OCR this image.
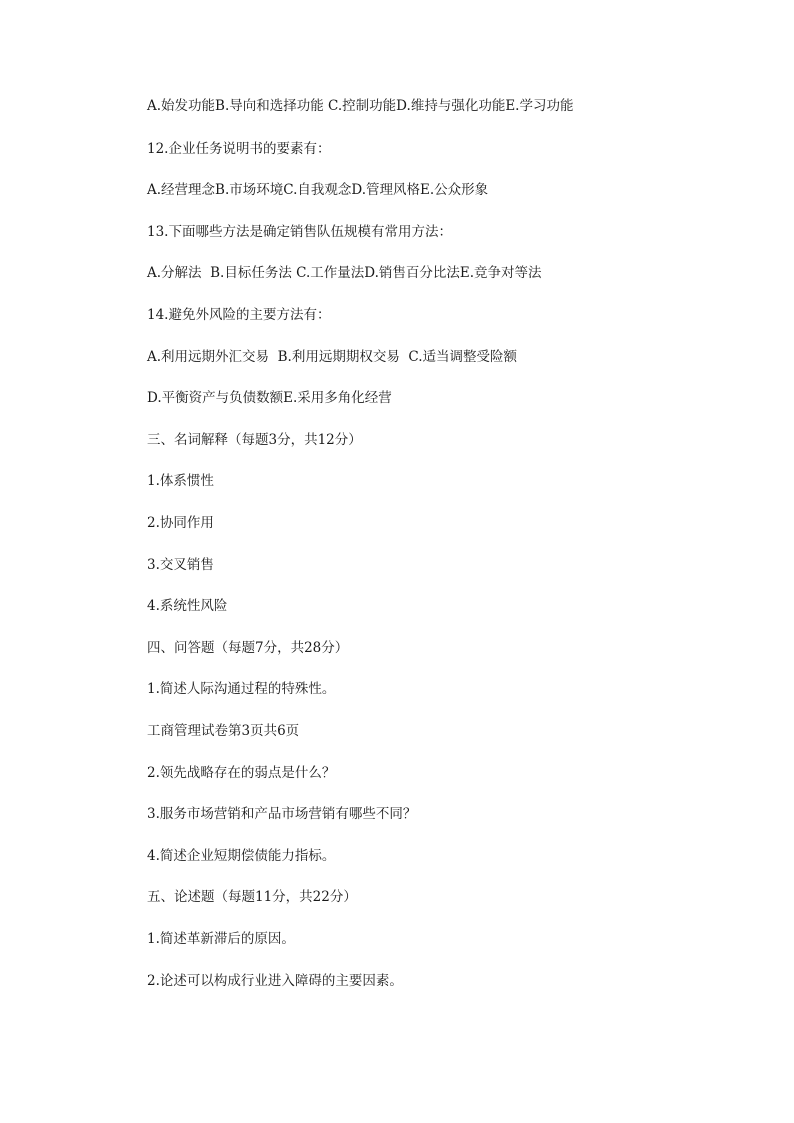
A.始发功能B.导向和选择功能 C.控制功能D.维持与强化功能E.学习功能
12.企业任务说明书的要素有：
A.经营理念B.市场环境C.自我观念D.管理风格E.公众形象
13.下面哪些方法是确定销售队伍规模有常用方法：
A.分解法  B.目标任务法 C.工作量法D.销售百分比法E.竞争对等法
14.避免外风险的主要方法有：
A.利用远期外汇交易  B.利用远期期权交易  C.适当调整受险额
D.平衡资产与负债数额E.采用多角化经营
三、名词解释（每题3分，共12分）
1.体系惯性
2.协同作用
3.交叉销售
4.系统性风险
四、问答题（每题7分，共28分）
1.简述人际沟通过程的特殊性。
工商管理试卷第3页共6页
2.领先战略存在的弱点是什么？
3.服务市场营销和产品市场营销有哪些不同？
4.简述企业短期偿债能力指标。
五、论述题（每题11分，共22分）
1.简述革新滞后的原因。
2.论述可以构成行业进入障碍的主要因素。
